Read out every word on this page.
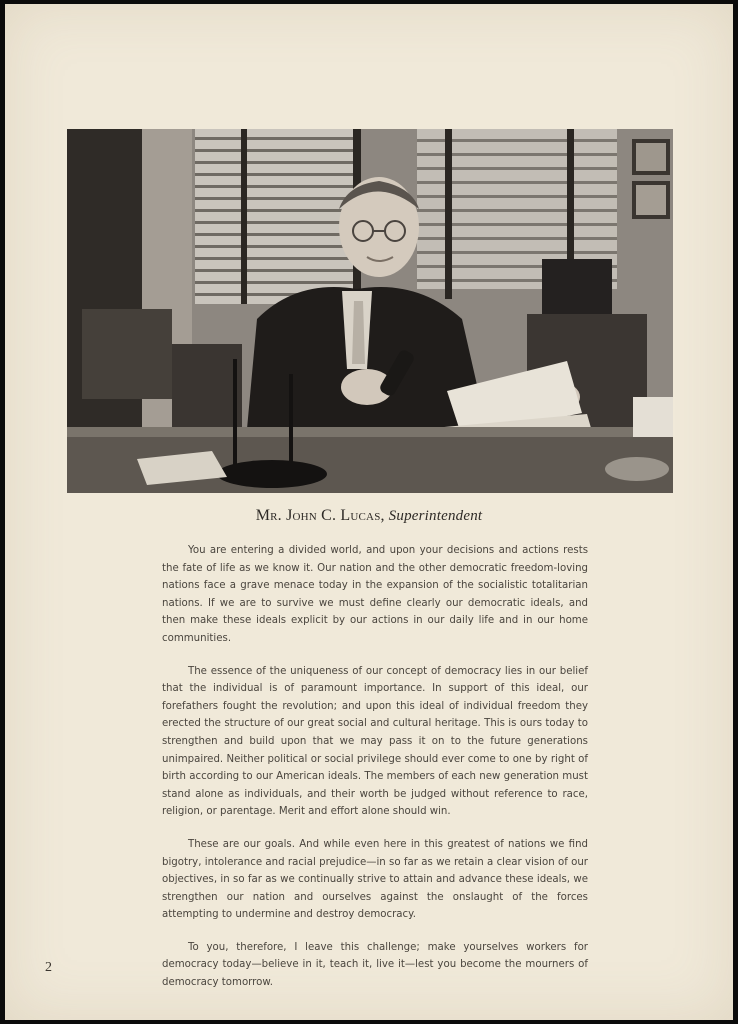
Mr. John C. Lucas, Superintendent

You are entering a divided world, and upon your decisions and actions rests the fate of life as we know it. Our nation and the other democratic freedom-loving nations face a grave menace today in the expansion of the socialistic totalitarian nations. If we are to survive we must define clearly our democratic ideals, and then make these ideals explicit by our actions in our daily life and in our home communities.

The essence of the uniqueness of our concept of democracy lies in our belief that the individual is of paramount importance. In support of this ideal, our forefathers fought the revolution; and upon this ideal of individual freedom they erected the structure of our great social and cultural heritage. This is ours today to strengthen and build upon that we may pass it on to the future generations unimpaired. Neither political or social privilege should ever come to one by right of birth according to our American ideals. The members of each new generation must stand alone as individuals, and their worth be judged without reference to race, religion, or parentage. Merit and effort alone should win.

These are our goals. And while even here in this greatest of nations we find bigotry, intolerance and racial prejudice—in so far as we retain a clear vision of our objectives, in so far as we continually strive to attain and advance these ideals, we strengthen our nation and ourselves against the onslaught of the forces attempting to undermine and destroy democracy.

To you, therefore, I leave this challenge; make yourselves workers for democracy today—believe in it, teach it, live it—lest you become the mourners of democracy tomorrow.

2
